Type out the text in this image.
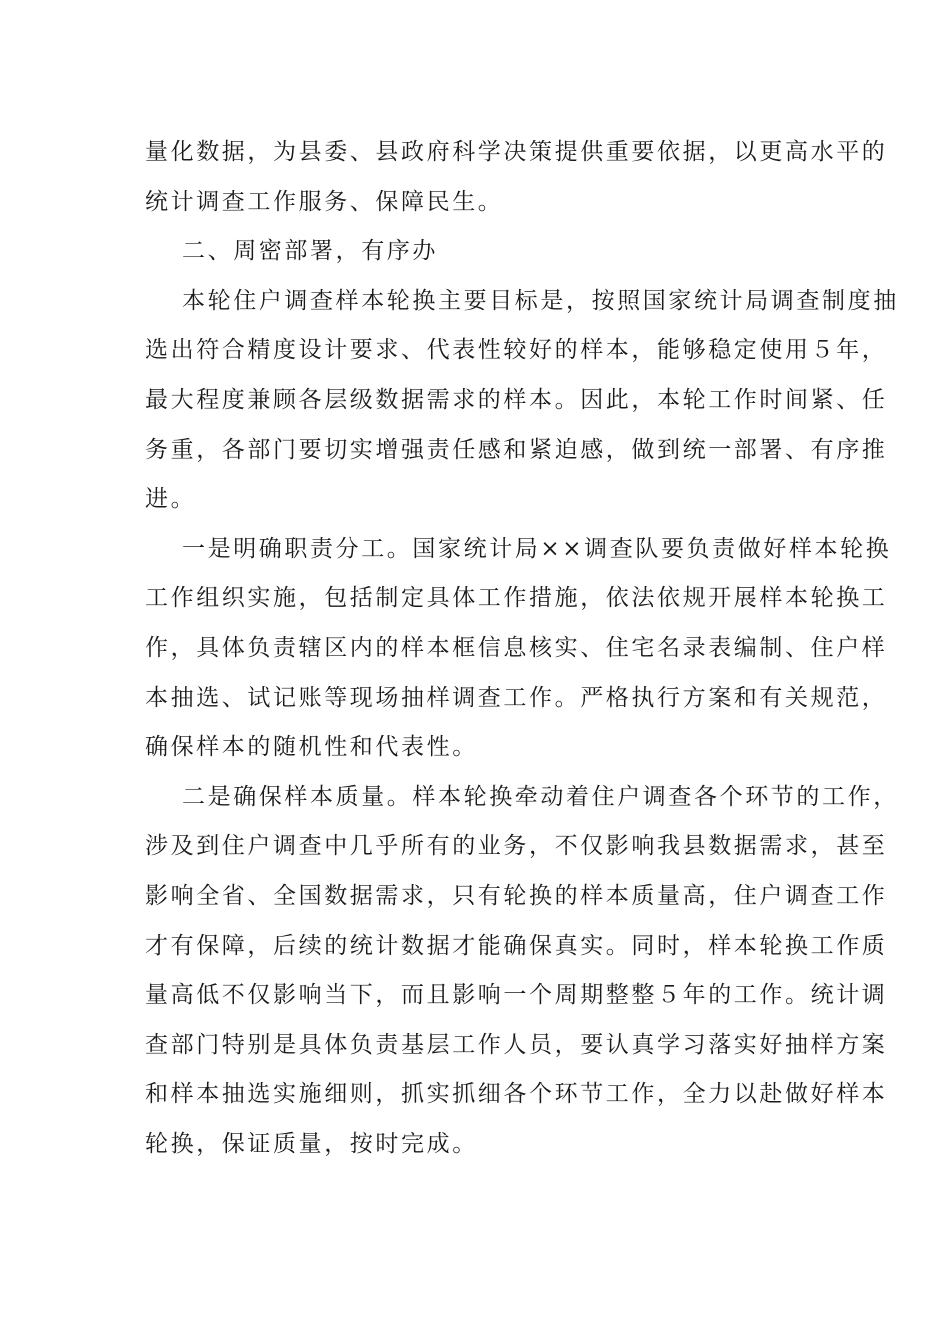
量化数据，为县委、县政府科学决策提供重要依据，以更高水平的
统计调查工作服务、保障民生。
二、周密部署，有序办
本轮住户调查样本轮换主要目标是，按照国家统计局调查制度抽
选出符合精度设计要求、代表性较好的样本，能够稳定使用５年，
最大程度兼顾各层级数据需求的样本。因此，本轮工作时间紧、任
务重，各部门要切实增强责任感和紧迫感，做到统一部署、有序推
进。
一是明确职责分工。国家统计局××调查队要负责做好样本轮换
工作组织实施，包括制定具体工作措施，依法依规开展样本轮换工
作，具体负责辖区内的样本框信息核实、住宅名录表编制、住户样
本抽选、试记账等现场抽样调查工作。严格执行方案和有关规范，
确保样本的随机性和代表性。
二是确保样本质量。样本轮换牵动着住户调查各个环节的工作，
涉及到住户调查中几乎所有的业务，不仅影响我县数据需求，甚至
影响全省、全国数据需求，只有轮换的样本质量高，住户调查工作
才有保障，后续的统计数据才能确保真实。同时，样本轮换工作质
量高低不仅影响当下，而且影响一个周期整整５年的工作。统计调
查部门特别是具体负责基层工作人员，要认真学习落实好抽样方案
和样本抽选实施细则，抓实抓细各个环节工作，全力以赴做好样本
轮换，保证质量，按时完成。
